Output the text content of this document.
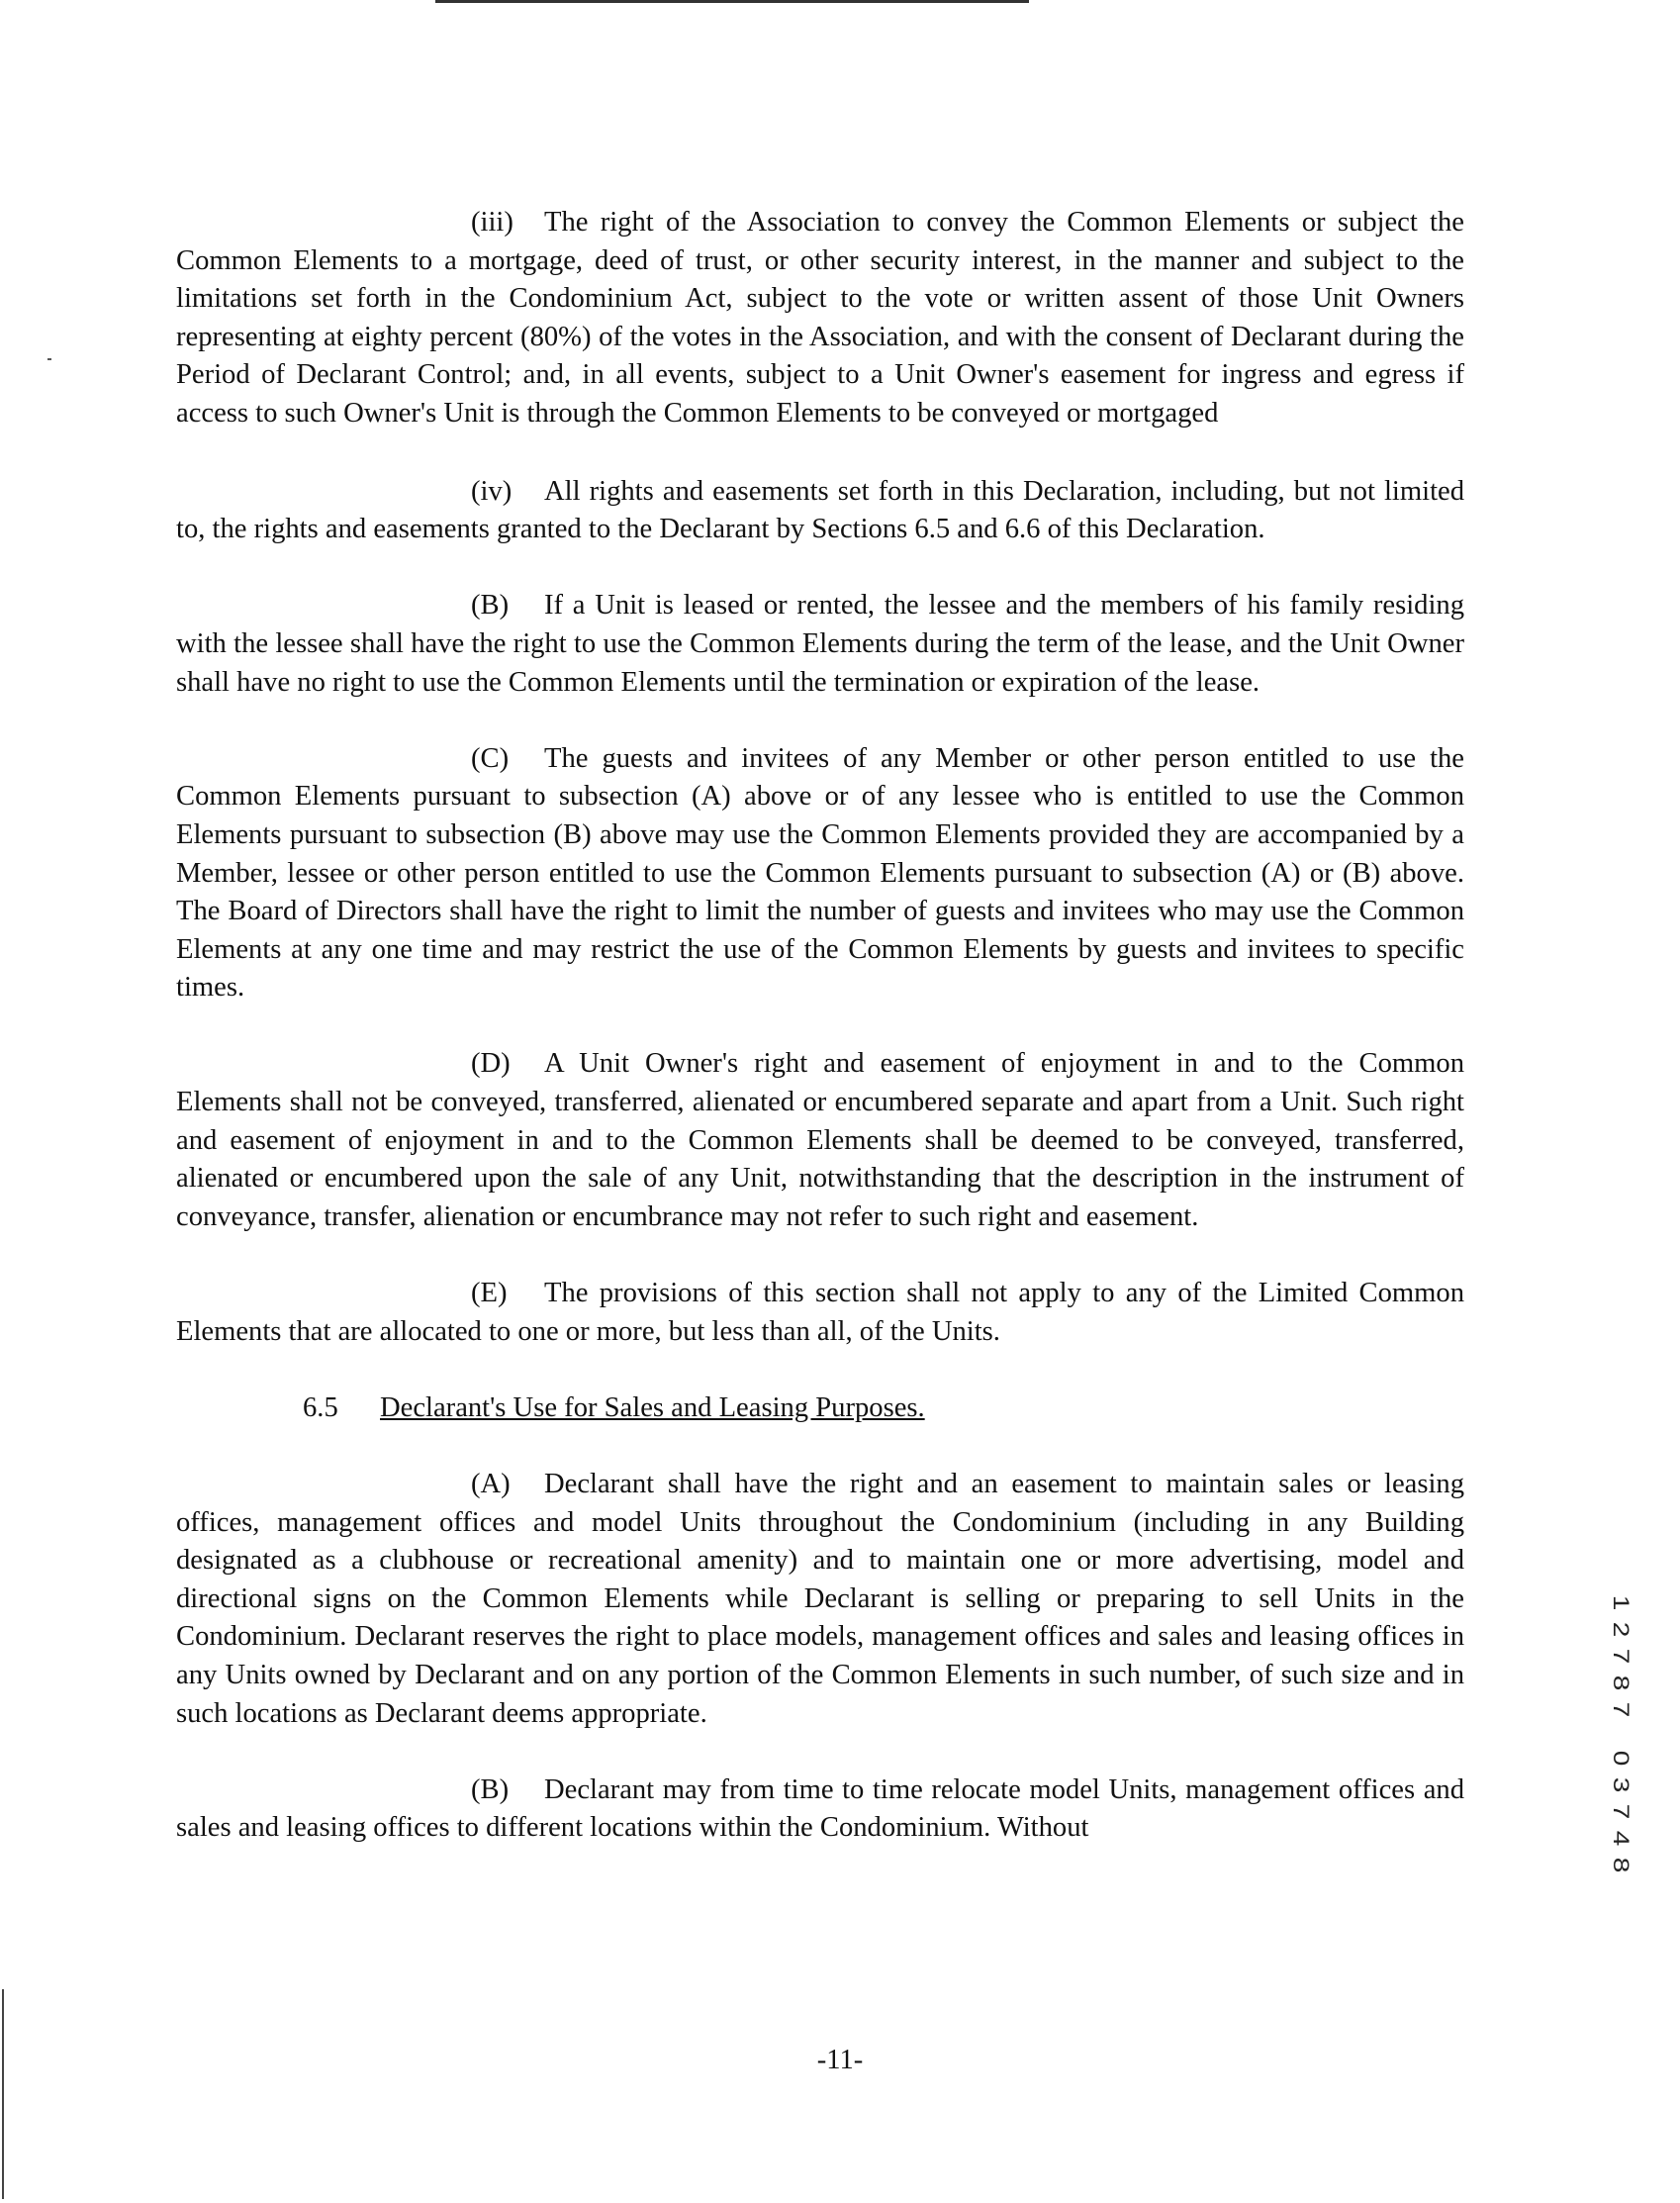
(iii) The right of the Association to convey the Common Elements or subject the Common Elements to a mortgage, deed of trust, or other security interest, in the manner and subject to the limitations set forth in the Condominium Act, subject to the vote or written assent of those Unit Owners representing at eighty percent (80%) of the votes in the Association, and with the consent of Declarant during the Period of Declarant Control; and, in all events, subject to a Unit Owner's easement for ingress and egress if access to such Owner's Unit is through the Common Elements to be conveyed or mortgaged

(iv) All rights and easements set forth in this Declaration, including, but not limited to, the rights and easements granted to the Declarant by Sections 6.5 and 6.6 of this Declaration.

(B) If a Unit is leased or rented, the lessee and the members of his family residing with the lessee shall have the right to use the Common Elements during the term of the lease, and the Unit Owner shall have no right to use the Common Elements until the termination or expiration of the lease.

(C) The guests and invitees of any Member or other person entitled to use the Common Elements pursuant to subsection (A) above or of any lessee who is entitled to use the Common Elements pursuant to subsection (B) above may use the Common Elements provided they are accompanied by a Member, lessee or other person entitled to use the Common Elements pursuant to subsection (A) or (B) above. The Board of Directors shall have the right to limit the number of guests and invitees who may use the Common Elements at any one time and may restrict the use of the Common Elements by guests and invitees to specific times.

(D) A Unit Owner's right and easement of enjoyment in and to the Common Elements shall not be conveyed, transferred, alienated or encumbered separate and apart from a Unit. Such right and easement of enjoyment in and to the Common Elements shall be deemed to be conveyed, transferred, alienated or encumbered upon the sale of any Unit, notwithstanding that the description in the instrument of conveyance, transfer, alienation or encumbrance may not refer to such right and easement.

(E) The provisions of this section shall not apply to any of the Limited Common Elements that are allocated to one or more, but less than all, of the Units.

6.5 Declarant's Use for Sales and Leasing Purposes.

(A) Declarant shall have the right and an easement to maintain sales or leasing offices, management offices and model Units throughout the Condominium (including in any Building designated as a clubhouse or recreational amenity) and to maintain one or more advertising, model and directional signs on the Common Elements while Declarant is selling or preparing to sell Units in the Condominium. Declarant reserves the right to place models, management offices and sales and leasing offices in any Units owned by Declarant and on any portion of the Common Elements in such number, of such size and in such locations as Declarant deems appropriate.

(B) Declarant may from time to time relocate model Units, management offices and sales and leasing offices to different locations within the Condominium. Without

1
2
7
8
7
0
3
7
4
8
-11-
